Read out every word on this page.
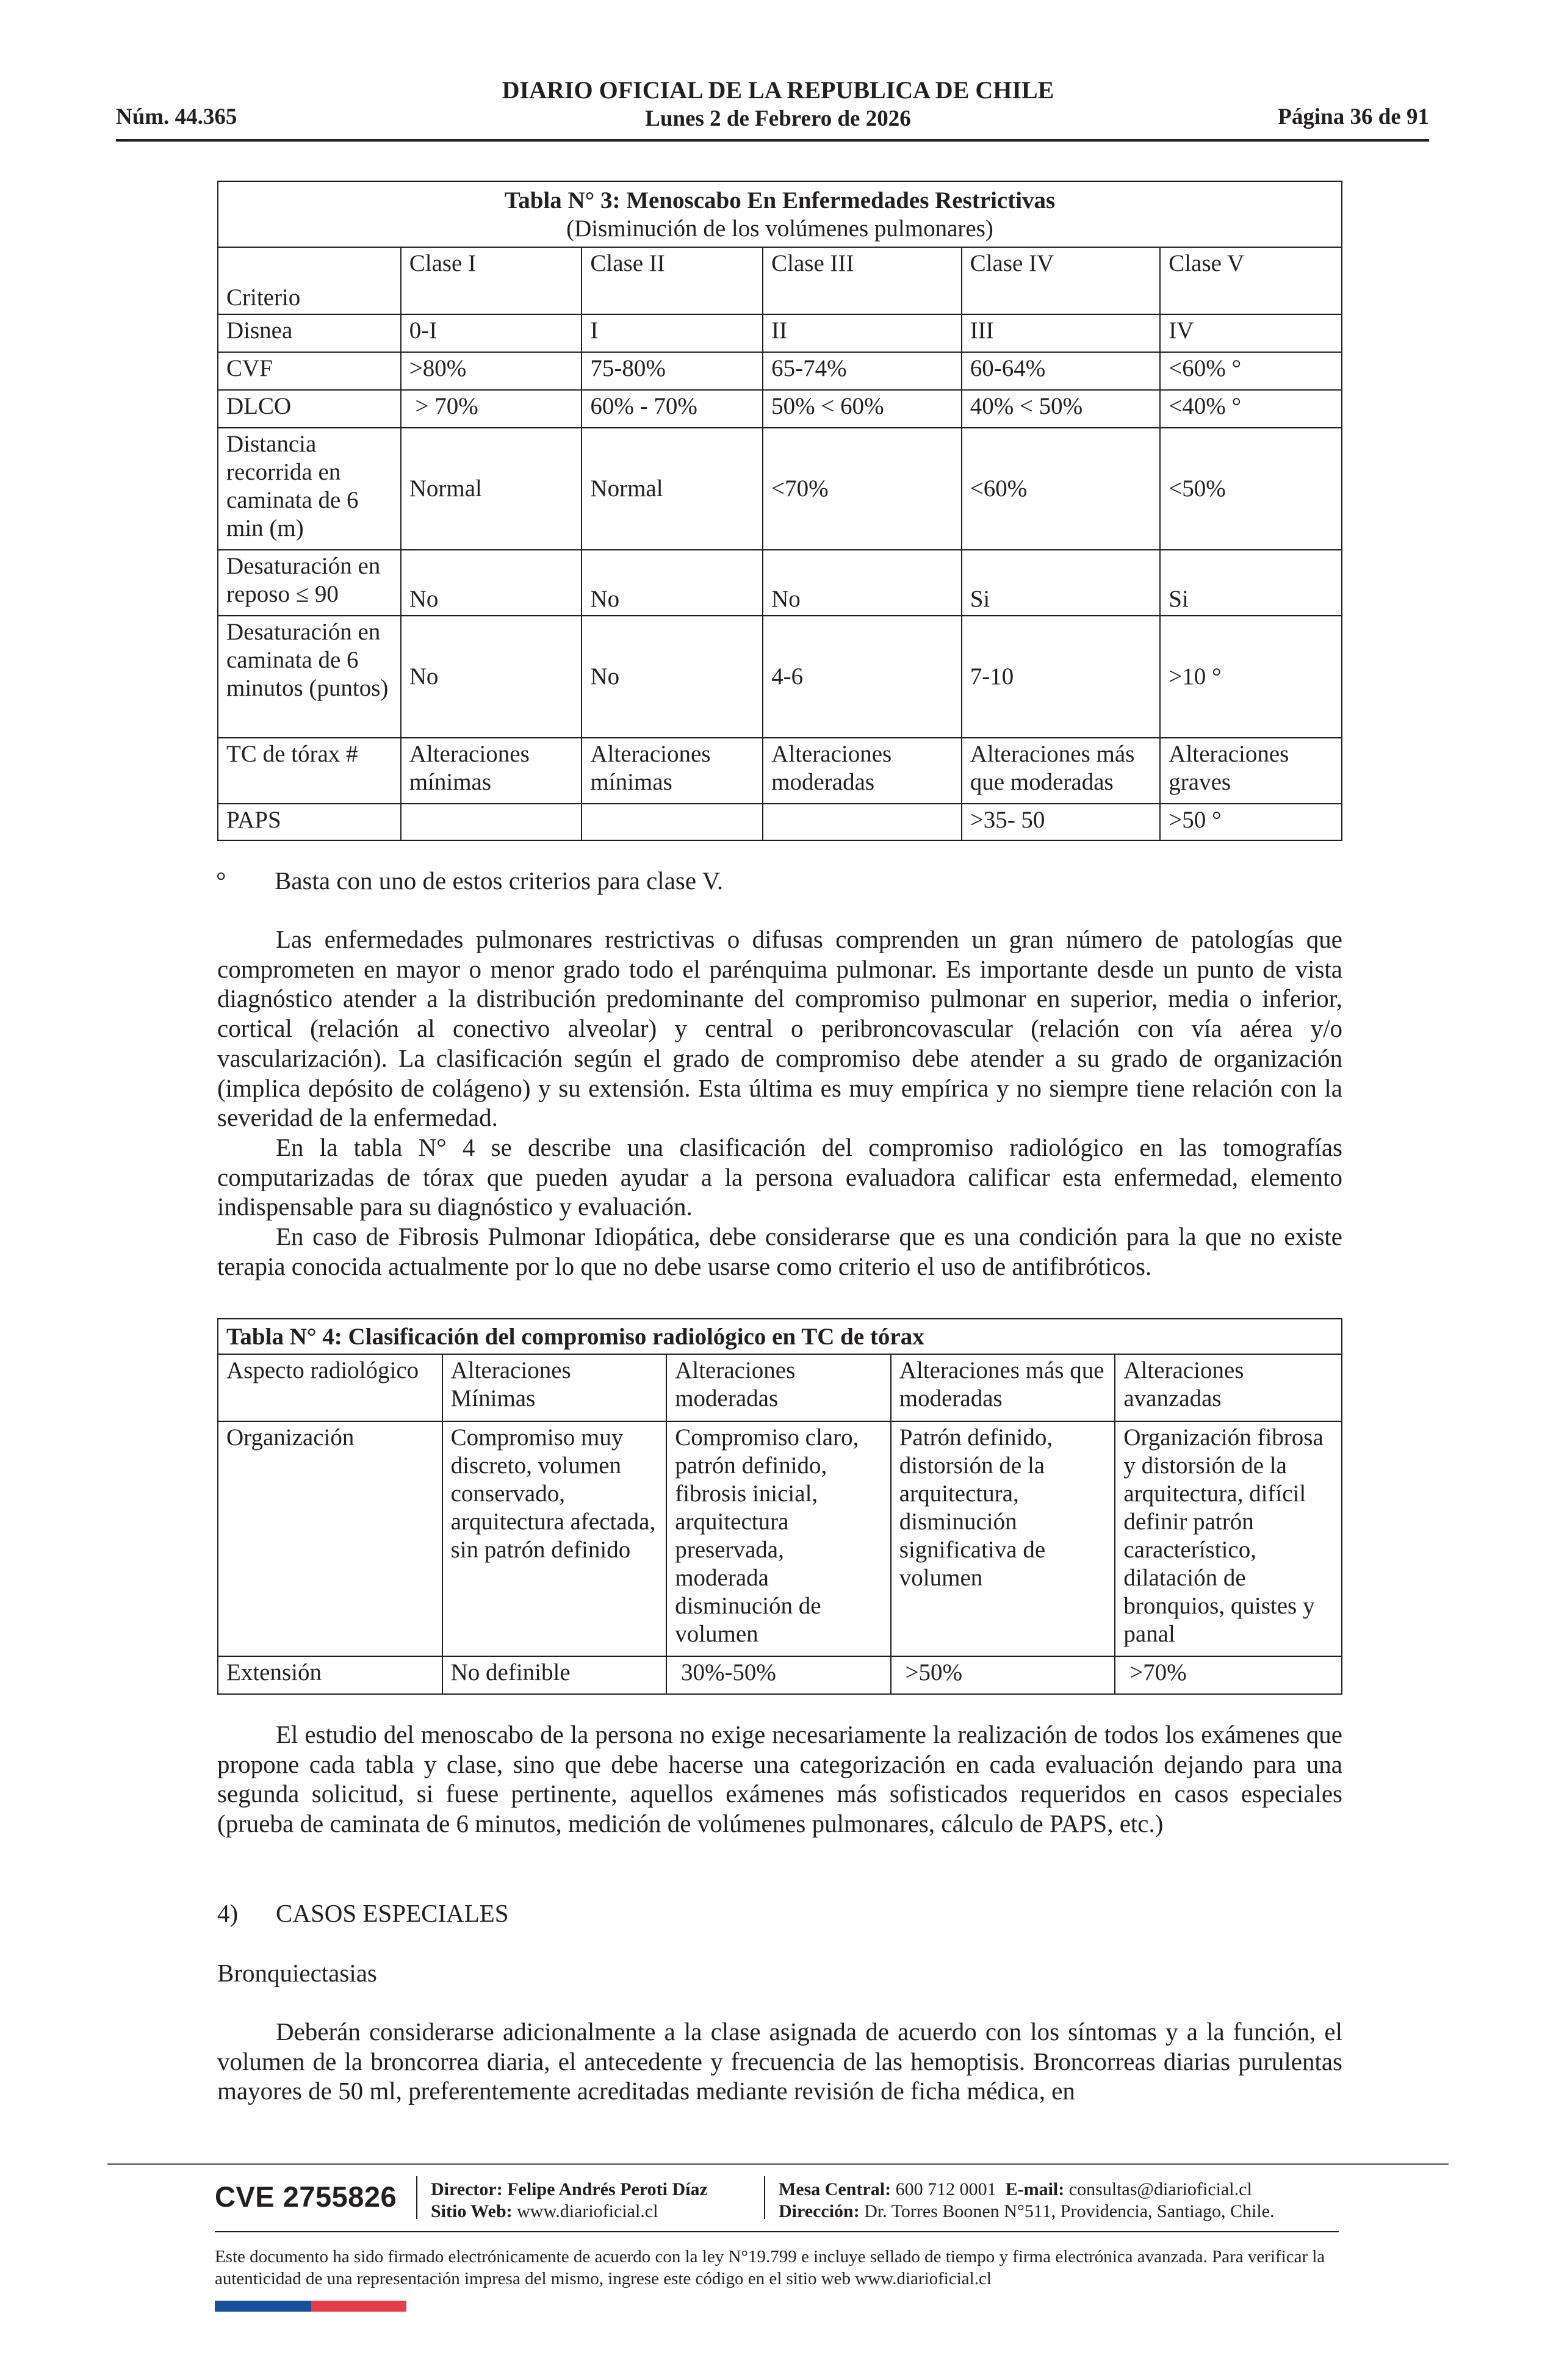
Núm. 44.365
DIARIO OFICIAL DE LA REPUBLICA DE CHILE
Lunes 2 de Febrero de 2026	Página 36 de 91
Tabla N° 3: Menoscabo En Enfermedades Restrictivas
(Disminución de los volúmenes pulmonares)					
Criterio	Clase I	Clase II	Clase III	Clase IV	Clase V
Disnea	0-I	I	II	III	IV
CVF	>80%	75-80%	65-74%	60-64%	<60% °
DLCO	> 70%	60% - 70%	50% < 60%	40% < 50%	<40% °
Distancia recorrida en caminata de 6 min (m)	Normal	Normal	<70%	<60%	<50%
Desaturación en reposo ≤ 90	No	No	No	Si	Si
Desaturación en caminata de 6 minutos (puntos)	No	No	4-6	7-10	>10 °
TC de tórax #	Alteraciones mínimas	Alteraciones mínimas	Alteraciones moderadas	Alteraciones más que moderadas	Alteraciones graves
PAPS				>35- 50	>50 °
° Basta con uno de estos criterios para clase V.

Las enfermedades pulmonares restrictivas o difusas comprenden un gran número de patologías que comprometen en mayor o menor grado todo el parénquima pulmonar. Es importante desde un punto de vista diagnóstico atender a la distribución predominante del compromiso pulmonar en superior, media o inferior, cortical (relación al conectivo alveolar) y central o peribroncovascular (relación con vía aérea y/o vascularización). La clasificación según el grado de compromiso debe atender a su grado de organización (implica depósito de colágeno) y su extensión. Esta última es muy empírica y no siempre tiene relación con la severidad de la enfermedad.

En la tabla N° 4 se describe una clasificación del compromiso radiológico en las tomografías computarizadas de tórax que pueden ayudar a la persona evaluadora calificar esta enfermedad, elemento indispensable para su diagnóstico y evaluación.

En caso de Fibrosis Pulmonar Idiopática, debe considerarse que es una condición para la que no existe terapia conocida actualmente por lo que no debe usarse como criterio el uso de antifibróticos.

Tabla N° 4: Clasificación del compromiso radiológico en TC de tórax				
Aspecto radiológico	Alteraciones Mínimas	Alteraciones moderadas	Alteraciones más que moderadas	Alteraciones avanzadas
Organización	Compromiso muy discreto, volumen conservado, arquitectura afectada, sin patrón definido	Compromiso claro, patrón definido, fibrosis inicial, arquitectura preservada, moderada disminución de volumen	Patrón definido, distorsión de la arquitectura, disminución significativa de volumen	Organización fibrosa y distorsión de la arquitectura, difícil definir patrón característico, dilatación de bronquios, quistes y panal
Extensión	No definible	30%-50%	>50%	>70%

El estudio del menoscabo de la persona no exige necesariamente la realización de todos los exámenes que propone cada tabla y clase, sino que debe hacerse una categorización en cada evaluación dejando para una segunda solicitud, si fuese pertinente, aquellos exámenes más sofisticados requeridos en casos especiales (prueba de caminata de 6 minutos, medición de volúmenes pulmonares, cálculo de PAPS, etc.)

4) CASOS ESPECIALES
Bronquiectasias

Deberán considerarse adicionalmente a la clase asignada de acuerdo con los síntomas y a la función, el volumen de la broncorrea diaria, el antecedente y frecuencia de las hemoptisis. Broncorreas diarias purulentas mayores de 50 ml, preferentemente acreditadas mediante revisión de ficha médica, en

CVE 2755826 Director: Felipe Andrés Peroti Díaz
Sitio Web: www.diarioficial.cl
Mesa Central: 600 712 0001 E-mail: consultas@diarioficial.cl
Dirección: Dr. Torres Boonen N°511, Providencia, Santiago, Chile.
Este documento ha sido firmado electrónicamente de acuerdo con la ley N°19.799 e incluye sellado de tiempo y firma electrónica avanzada. Para verificar la autenticidad de una representación impresa del mismo, ingrese este código en el sitio web www.diarioficial.cl
